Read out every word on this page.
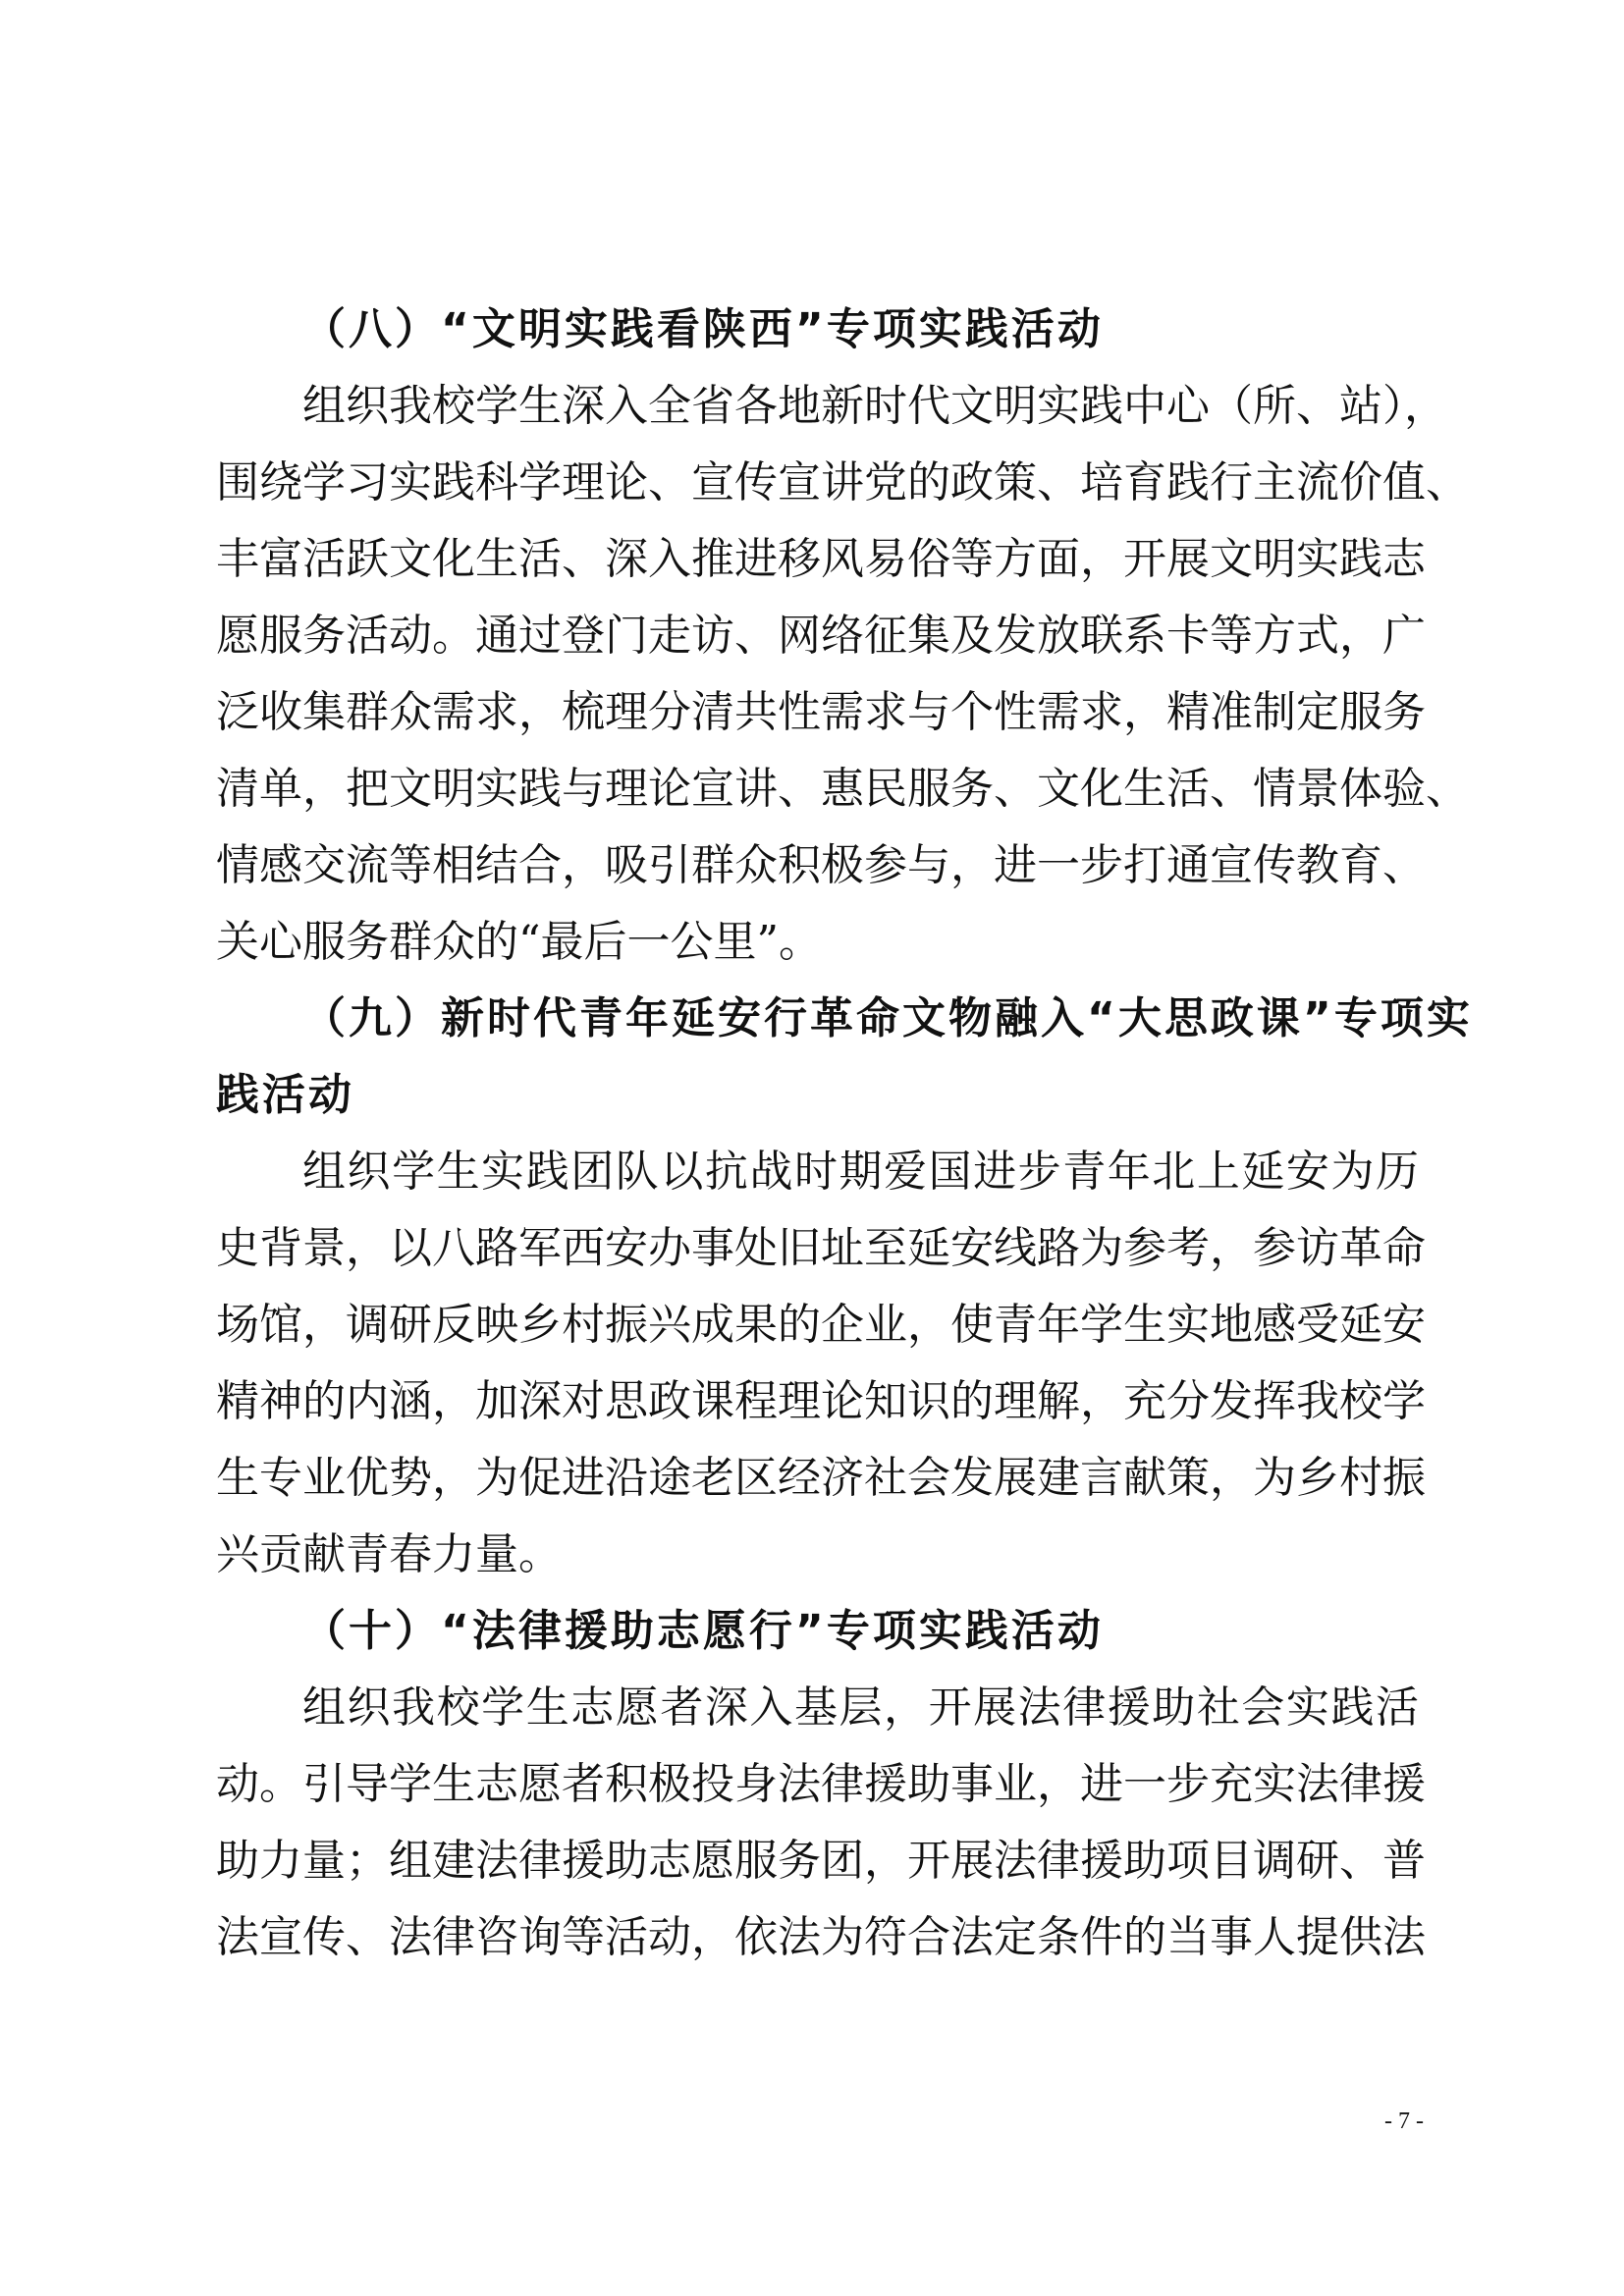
（八）“文明实践看陕西”专项实践活动
组织我校学生深入全省各地新时代文明实践中心（所、站），
围绕学习实践科学理论、宣传宣讲党的政策、培育践行主流价值、
丰富活跃文化生活、深入推进移风易俗等方面，开展文明实践志
愿服务活动。通过登门走访、网络征集及发放联系卡等方式，广
泛收集群众需求，梳理分清共性需求与个性需求，精准制定服务
清单，把文明实践与理论宣讲、惠民服务、文化生活、情景体验、
情感交流等相结合，吸引群众积极参与，进一步打通宣传教育、
关心服务群众的“最后一公里”。
（九）新时代青年延安行革命文物融入“大思政课”专项实
践活动
组织学生实践团队以抗战时期爱国进步青年北上延安为历
史背景，以八路军西安办事处旧址至延安线路为参考，参访革命
场馆，调研反映乡村振兴成果的企业，使青年学生实地感受延安
精神的内涵，加深对思政课程理论知识的理解，充分发挥我校学
生专业优势，为促进沿途老区经济社会发展建言献策，为乡村振
兴贡献青春力量。
（十）“法律援助志愿行”专项实践活动
组织我校学生志愿者深入基层，开展法律援助社会实践活
动。引导学生志愿者积极投身法律援助事业，进一步充实法律援
助力量；组建法律援助志愿服务团，开展法律援助项目调研、普
法宣传、法律咨询等活动，依法为符合法定条件的当事人提供法
- 7 -
